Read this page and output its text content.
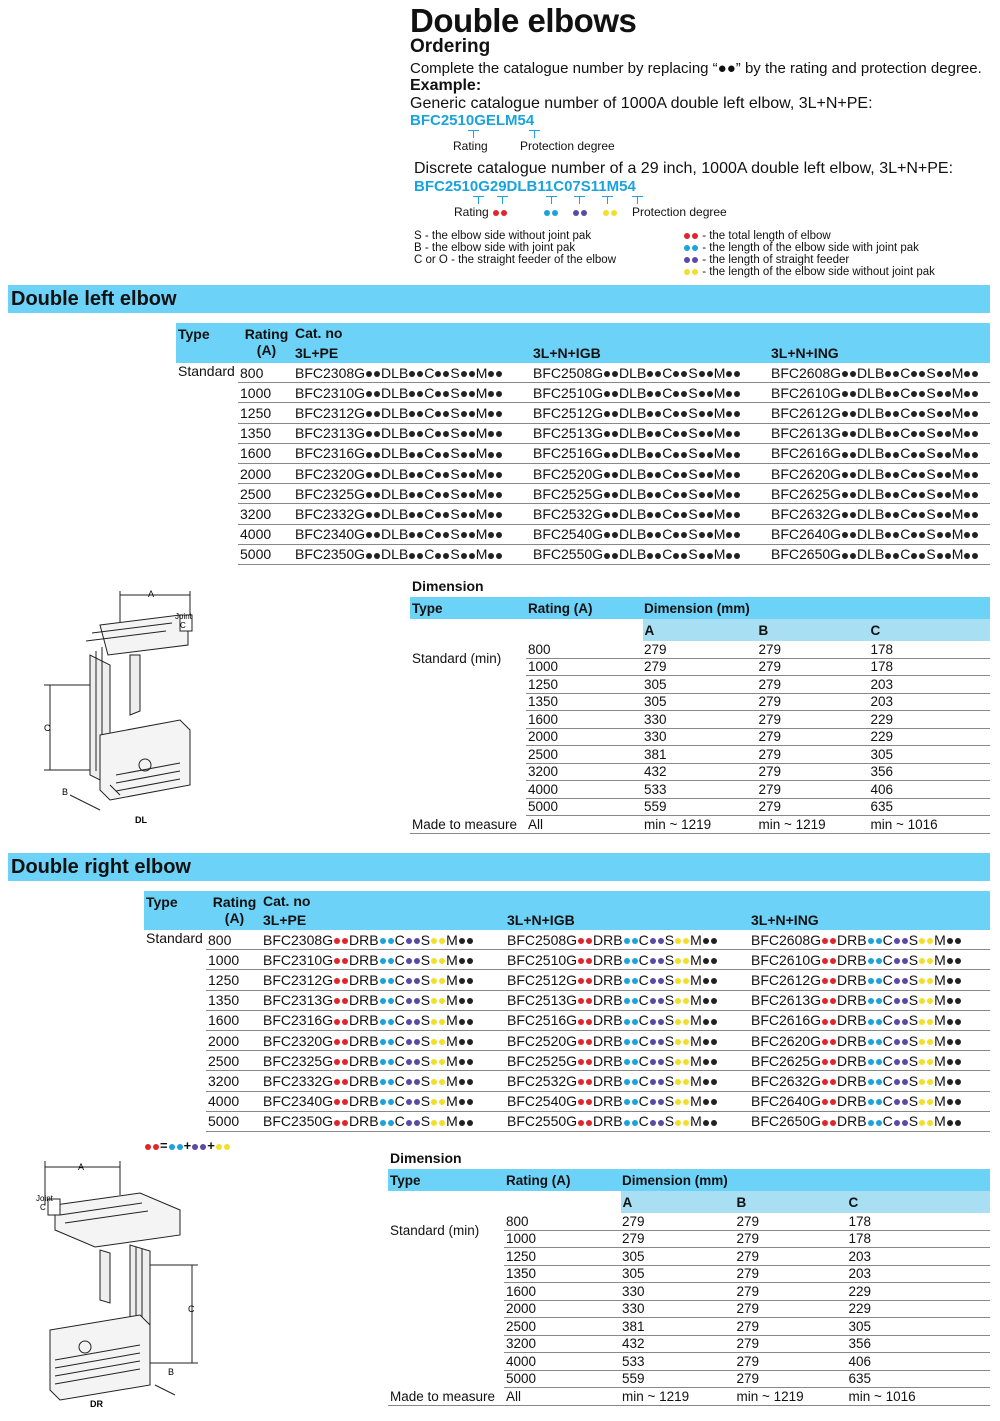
Double elbows
Ordering
Complete the catalogue number by replacing “●●” by the rating and protection degree.
Example:
Generic catalogue number of 1000A double left elbow, 3L+N+PE:
BFC2510GELM54
Rating	Protection degree
Discrete catalogue number of a 29 inch, 1000A double left elbow, 3L+N+PE:
BFC2510G29DLB11C07S11M54
Rating
	Protection degree
S - the elbow side without joint pak
B - the elbow side with joint pak
C or O - the straight feeder of the elbow
- the total length of elbow
- the length of the elbow side with joint pak
- the length of straight feeder
- the length of the elbow side without joint pak
Double left elbow
Type	Rating
(A)	Cat. no		
		3L+PE	3L+N+IGB	3L+N+ING
Standard	800	BFC2308G DLB C S M	BFC2508G DLB C S M	BFC2608G DLB C S M
	1000	BFC2310G DLB C S M	BFC2510G DLB C S M	BFC2610G DLB C S M
	1250	BFC2312G DLB C S M	BFC2512G DLB C S M	BFC2612G DLB C S M
	1350	BFC2313G DLB C S M	BFC2513G DLB C S M	BFC2613G DLB C S M
	1600	BFC2316G DLB C S M	BFC2516G DLB C S M	BFC2616G DLB C S M
	2000	BFC2320G DLB C S M	BFC2520G DLB C S M	BFC2620G DLB C S M
	2500	BFC2325G DLB C S M	BFC2525G DLB C S M	BFC2625G DLB C S M
	3200	BFC2332G DLB C S M	BFC2532G DLB C S M	BFC2632G DLB C S M
	4000	BFC2340G DLB C S M	BFC2540G DLB C S M	BFC2640G DLB C S M
	5000	BFC2350G DLB C S M	BFC2550G DLB C S M	BFC2650G DLB C S M
A
Joint
C
C
B
DL
Dimension
Type	Rating (A)	Dimension (mm)		
		A	B	C
Standard (min)	800	279	279	178
	1000	279	279	178
	1250	305	279	203
	1350	305	279	203
	1600	330	279	229
	2000	330	279	229
	2500	381	279	305
	3200	432	279	356
	4000	533	279	406
	5000	559	279	635
Made to measure	All	min ~ 1219	min ~ 1219	min ~ 1016
Double right elbow
Type	Rating
(A)	Cat. no		
		3L+PE	3L+N+IGB	3L+N+ING
Standard	800	BFC2308G DRB C S M	BFC2508G DRB C S M	BFC2608G DRB C S M
	1000	BFC2310G DRB C S M	BFC2510G DRB C S M	BFC2610G DRB C S M
	1250	BFC2312G DRB C S M	BFC2512G DRB C S M	BFC2612G DRB C S M
	1350	BFC2313G DRB C S M	BFC2513G DRB C S M	BFC2613G DRB C S M
	1600	BFC2316G DRB C S M	BFC2516G DRB C S M	BFC2616G DRB C S M
	2000	BFC2320G DRB C S M	BFC2520G DRB C S M	BFC2620G DRB C S M
	2500	BFC2325G DRB C S M	BFC2525G DRB C S M	BFC2625G DRB C S M
	3200	BFC2332G DRB C S M	BFC2532G DRB C S M	BFC2632G DRB C S M
	4000	BFC2340G DRB C S M	BFC2540G DRB C S M	BFC2640G DRB C S M
	5000	BFC2350G DRB C S M	BFC2550G DRB C S M	BFC2650G DRB C S M
= + +
A
Joint
C
C
B
DR
Dimension
Type	Rating (A)	Dimension (mm)		
		A	B	C
Standard (min)	800	279	279	178
	1000	279	279	178
	1250	305	279	203
	1350	305	279	203
	1600	330	279	229
	2000	330	279	229
	2500	381	279	305
	3200	432	279	356
	4000	533	279	406
	5000	559	279	635
Made to measure	All	min ~ 1219	min ~ 1219	min ~ 1016
